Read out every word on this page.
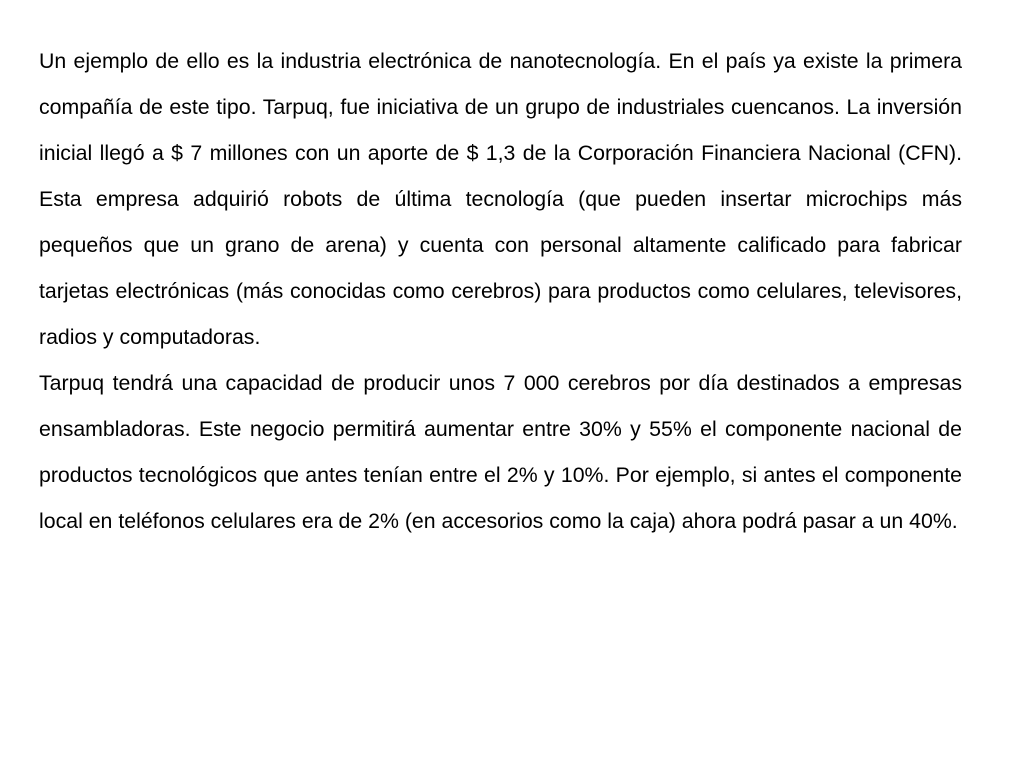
Un ejemplo de ello es la industria electrónica de nanotecnología. En el país ya existe la primera compañía de este tipo. Tarpuq, fue iniciativa de un grupo de industriales cuencanos. La inversión inicial llegó a $ 7 millones con un aporte de $ 1,3 de la Corporación Financiera Nacional (CFN). Esta empresa adquirió robots de última tecnología (que pueden insertar microchips más pequeños que un grano de arena) y cuenta con personal altamente calificado para fabricar tarjetas electrónicas (más conocidas como cerebros) para productos como celulares, televisores, radios y computadoras.

Tarpuq tendrá una capacidad de producir unos 7 000 cerebros por día destinados a empresas ensambladoras. Este negocio permitirá aumentar entre 30% y 55% el componente nacional de productos tecnológicos que antes tenían entre el 2% y 10%. Por ejemplo, si antes el componente local en teléfonos celulares era de 2% (en accesorios como la caja) ahora podrá pasar a un 40%.
